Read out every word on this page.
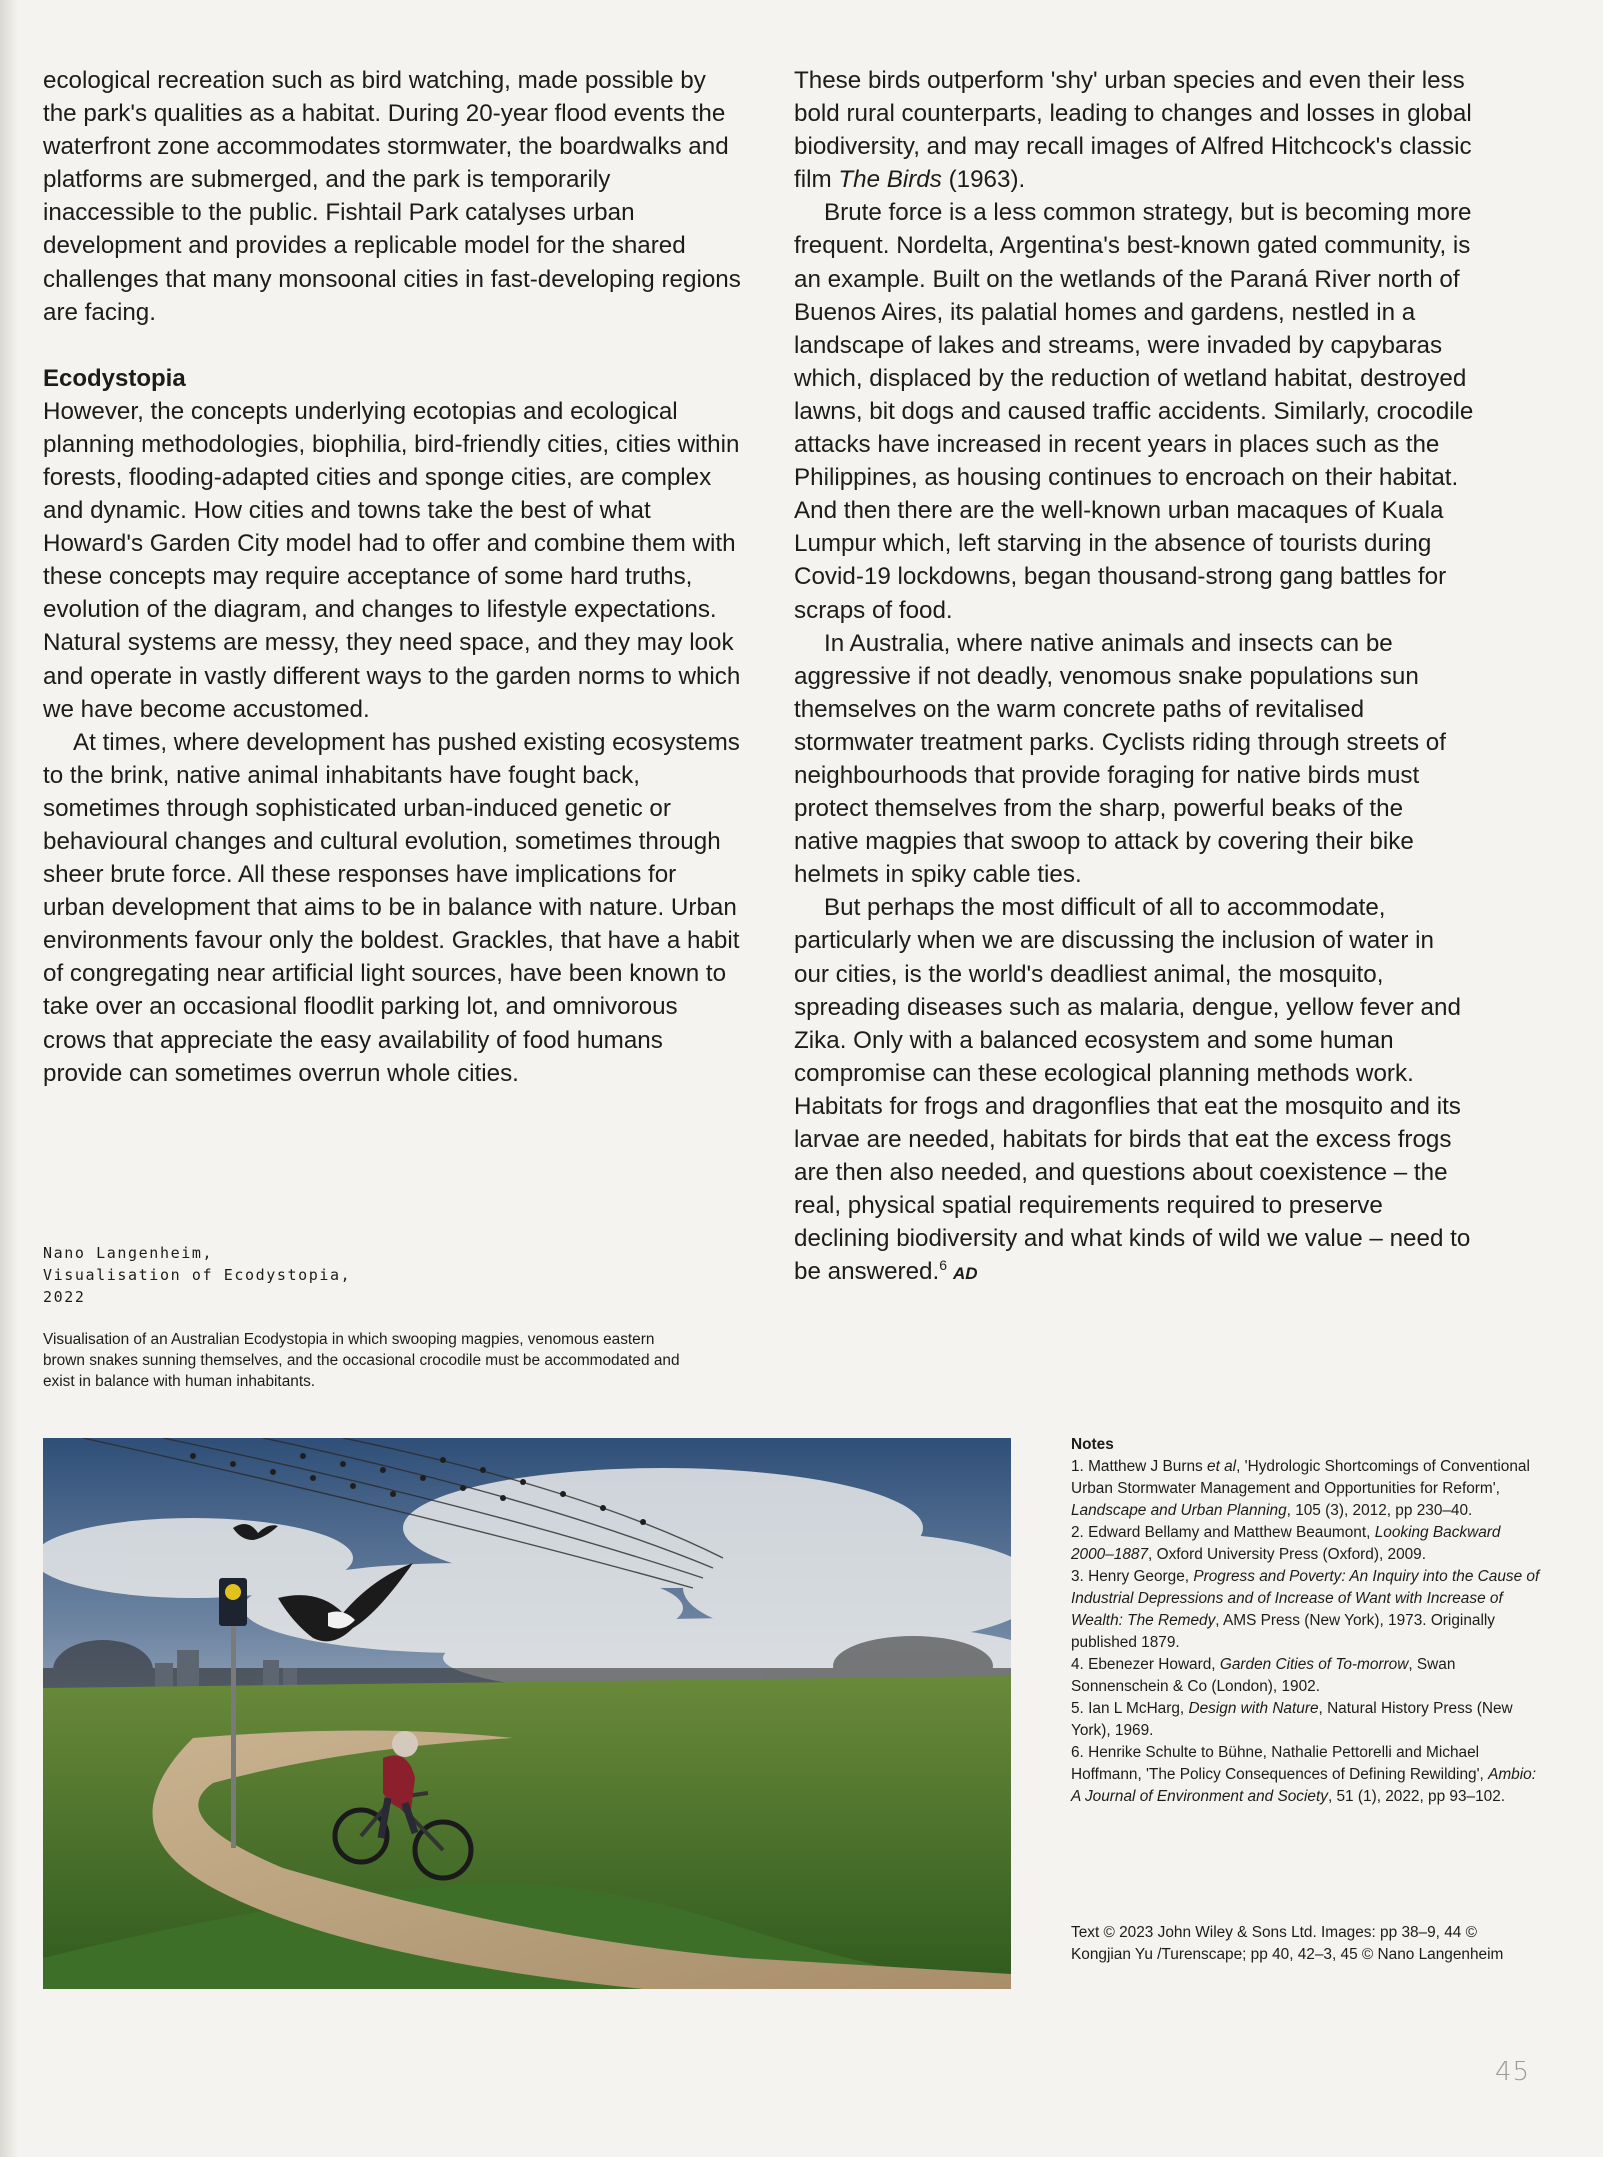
ecological recreation such as bird watching, made possible by the park's qualities as a habitat. During 20-year flood events the waterfront zone accommodates stormwater, the boardwalks and platforms are submerged, and the park is temporarily inaccessible to the public. Fishtail Park catalyses urban development and provides a replicable model for the shared challenges that many monsoonal cities in fast-developing regions are facing.

Ecodystopia

However, the concepts underlying ecotopias and ecological planning methodologies, biophilia, bird-friendly cities, cities within forests, flooding-adapted cities and sponge cities, are complex and dynamic. How cities and towns take the best of what Howard's Garden City model had to offer and combine them with these concepts may require acceptance of some hard truths, evolution of the diagram, and changes to lifestyle expectations. Natural systems are messy, they need space, and they may look and operate in vastly different ways to the garden norms to which we have become accustomed.

At times, where development has pushed existing ecosystems to the brink, native animal inhabitants have fought back, sometimes through sophisticated urban-induced genetic or behavioural changes and cultural evolution, sometimes through sheer brute force. All these responses have implications for urban development that aims to be in balance with nature. Urban environments favour only the boldest. Grackles, that have a habit of congregating near artificial light sources, have been known to take over an occasional floodlit parking lot, and omnivorous crows that appreciate the easy availability of food humans provide can sometimes overrun whole cities.

These birds outperform 'shy' urban species and even their less bold rural counterparts, leading to changes and losses in global biodiversity, and may recall images of Alfred Hitchcock's classic film The Birds (1963).

Brute force is a less common strategy, but is becoming more frequent. Nordelta, Argentina's best-known gated community, is an example. Built on the wetlands of the Paraná River north of Buenos Aires, its palatial homes and gardens, nestled in a landscape of lakes and streams, were invaded by capybaras which, displaced by the reduction of wetland habitat, destroyed lawns, bit dogs and caused traffic accidents. Similarly, crocodile attacks have increased in recent years in places such as the Philippines, as housing continues to encroach on their habitat. And then there are the well-known urban macaques of Kuala Lumpur which, left starving in the absence of tourists during Covid-19 lockdowns, began thousand-strong gang battles for scraps of food.

In Australia, where native animals and insects can be aggressive if not deadly, venomous snake populations sun themselves on the warm concrete paths of revitalised stormwater treatment parks. Cyclists riding through streets of neighbourhoods that provide foraging for native birds must protect themselves from the sharp, powerful beaks of the native magpies that swoop to attack by covering their bike helmets in spiky cable ties.

But perhaps the most difficult of all to accommodate, particularly when we are discussing the inclusion of water in our cities, is the world's deadliest animal, the mosquito, spreading diseases such as malaria, dengue, yellow fever and Zika. Only with a balanced ecosystem and some human compromise can these ecological planning methods work. Habitats for frogs and dragonflies that eat the mosquito and its larvae are needed, habitats for birds that eat the excess frogs are then also needed, and questions about coexistence – the real, physical spatial requirements required to preserve declining biodiversity and what kinds of wild we value – need to be answered.$^6$ AD

Nano Langenheim,
Visualisation of Ecodystopia,
2022
Visualisation of an Australian Ecodystopia in which swooping magpies, venomous eastern brown snakes sunning themselves, and the occasional crocodile must be accommodated and exist in balance with human inhabitants.
Notes

1. Matthew J Burns et al, 'Hydrologic Shortcomings of Conventional Urban Stormwater Management and Opportunities for Reform', Landscape and Urban Planning, 105 (3), 2012, pp 230–40.

2. Edward Bellamy and Matthew Beaumont, Looking Backward 2000–1887, Oxford University Press (Oxford), 2009.

3. Henry George, Progress and Poverty: An Inquiry into the Cause of Industrial Depressions and of Increase of Want with Increase of Wealth: The Remedy, AMS Press (New York), 1973. Originally published 1879.

4. Ebenezer Howard, Garden Cities of To-morrow, Swan Sonnenschein & Co (London), 1902.

5. Ian L McHarg, Design with Nature, Natural History Press (New York), 1969.

6. Henrike Schulte to Bühne, Nathalie Pettorelli and Michael Hoffmann, 'The Policy Consequences of Defining Rewilding', Ambio: A Journal of Environment and Society, 51 (1), 2022, pp 93–102.

Text © 2023 John Wiley & Sons Ltd. Images: pp 38–9, 44 © Kongjian Yu /Turenscape; pp 40, 42–3, 45 © Nano Langenheim
45
